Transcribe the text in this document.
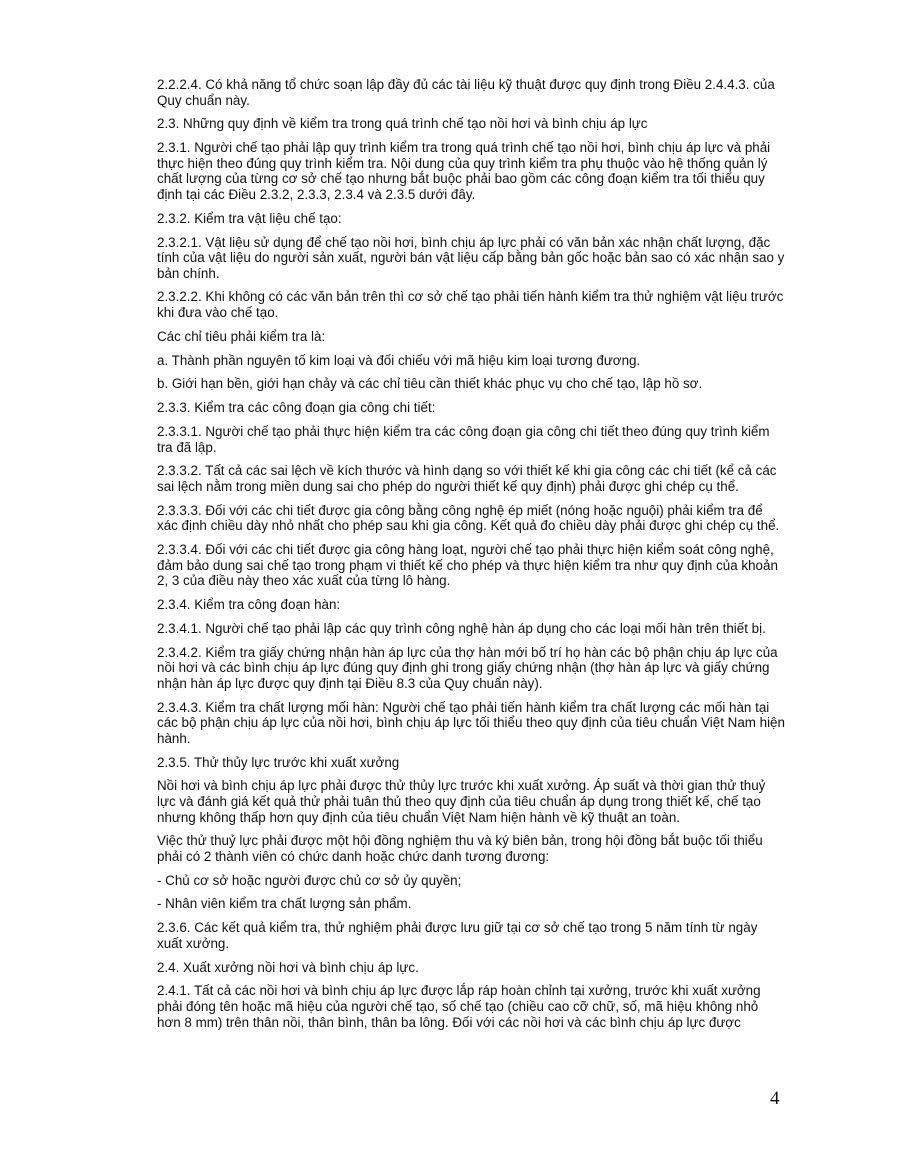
2.2.2.4. Có khả năng tổ chức soạn lập đầy đủ các tài liệu kỹ thuật được quy định trong Điều 2.4.4.3. của Quy chuẩn này.

2.3. Những quy định về kiểm tra trong quá trình chế tạo nồi hơi và bình chịu áp lực

2.3.1. Người chế tạo phải lập quy trình kiểm tra trong quá trình chế tạo nồi hơi, bình chịu áp lực và phải thực hiện theo đúng quy trình kiểm tra. Nội dung của quy trình kiểm tra phụ thuộc vào hệ thống quản lý chất lượng của từng cơ sở chế tạo nhưng bắt buộc phải bao gồm các công đoạn kiểm tra tối thiểu quy định tại các Điều 2.3.2, 2.3.3, 2.3.4 và 2.3.5 dưới đây.

2.3.2. Kiểm tra vật liệu chế tạo:

2.3.2.1. Vật liệu sử dụng để chế tạo nồi hơi, bình chịu áp lực phải có văn bản xác nhận chất lượng, đặc tính của vật liệu do người sản xuất, người bán vật liệu cấp bằng bản gốc hoặc bản sao có xác nhận sao y bản chính.

2.3.2.2. Khi không có các văn bản trên thì cơ sở chế tạo phải tiến hành kiểm tra thử nghiệm vật liệu trước khi đưa vào chế tạo.

Các chỉ tiêu phải kiểm tra là:

a. Thành phần nguyên tố kim loại và đối chiếu với mã hiệu kim loại tương đương.

b. Giới hạn bền, giới hạn chảy và các chỉ tiêu cần thiết khác phục vụ cho chế tạo, lập hồ sơ.

2.3.3. Kiểm tra các công đoạn gia công chi tiết:

2.3.3.1. Người chế tạo phải thực hiện kiểm tra các công đoạn gia công chi tiết theo đúng quy trình kiểm tra đã lập.

2.3.3.2. Tất cả các sai lệch về kích thước và hình dạng so với thiết kế khi gia công các chi tiết (kể cả các sai lệch nằm trong miền dung sai cho phép do người thiết kế quy định) phải được ghi chép cụ thể.

2.3.3.3. Đối với các chi tiết được gia công bằng công nghệ ép miết (nóng hoặc nguội) phải kiểm tra để xác định chiều dày nhỏ nhất cho phép sau khi gia công. Kết quả đo chiều dày phải được ghi chép cụ thể.

2.3.3.4. Đối với các chi tiết được gia công hàng loạt, người chế tạo phải thực hiện kiểm soát công nghệ, đảm bảo dung sai chế tạo trong phạm vi thiết kế cho phép và thực hiện kiểm tra như quy định của khoản 2, 3 của điều này theo xác xuất của từng lô hàng.

2.3.4. Kiểm tra công đoạn hàn:

2.3.4.1. Người chế tạo phải lập các quy trình công nghệ hàn áp dụng cho các loại mối hàn trên thiết bị.

2.3.4.2. Kiểm tra giấy chứng nhận hàn áp lực của thợ hàn mới bố trí họ hàn các bộ phận chịu áp lực của nồi hơi và các bình chịu áp lực đúng quy định ghi trong giấy chứng nhận (thợ hàn áp lực và giấy chứng nhận hàn áp lực được quy định tại Điều 8.3 của Quy chuẩn này).

2.3.4.3. Kiểm tra chất lượng mối hàn: Người chế tạo phải tiến hành kiểm tra chất lượng các mối hàn tại các bộ phận chịu áp lực của nồi hơi, bình chịu áp lực tối thiểu theo quy định của tiêu chuẩn Việt Nam hiện hành.

2.3.5. Thử thủy lực trước khi xuất xưởng

Nồi hơi và bình chịu áp lực phải được thử thủy lực trước khi xuất xưởng. Áp suất và thời gian thử thuỷ lực và đánh giá kết quả thử phải tuân thủ theo quy định của tiêu chuẩn áp dụng trong thiết kế, chế tạo nhưng không thấp hơn quy định của tiêu chuẩn Việt Nam hiện hành về kỹ thuật an toàn.

Việc thử thuỷ lực phải được một hội đồng nghiệm thu và ký biên bản, trong hội đồng bắt buộc tối thiểu phải có 2 thành viên có chức danh hoặc chức danh tương đương:

- Chủ cơ sở hoặc người được chủ cơ sở ủy quyền;

- Nhân viên kiểm tra chất lượng sản phẩm.

2.3.6. Các kết quả kiểm tra, thử nghiệm phải được lưu giữ tại cơ sở chế tạo trong 5 năm tính từ ngày xuất xưởng.

2.4. Xuất xưởng nồi hơi và bình chịu áp lực.

2.4.1. Tất cả các nồi hơi và bình chịu áp lực được lắp ráp hoàn chỉnh tại xưởng, trước khi xuất xưởng phải đóng tên hoặc mã hiệu của người chế tạo, số chế tạo (chiều cao cỡ chữ, số, mã hiệu không nhỏ hơn 8 mm) trên thân nồi, thân bình, thân ba lông. Đối với các nồi hơi và các bình chịu áp lực được

4
